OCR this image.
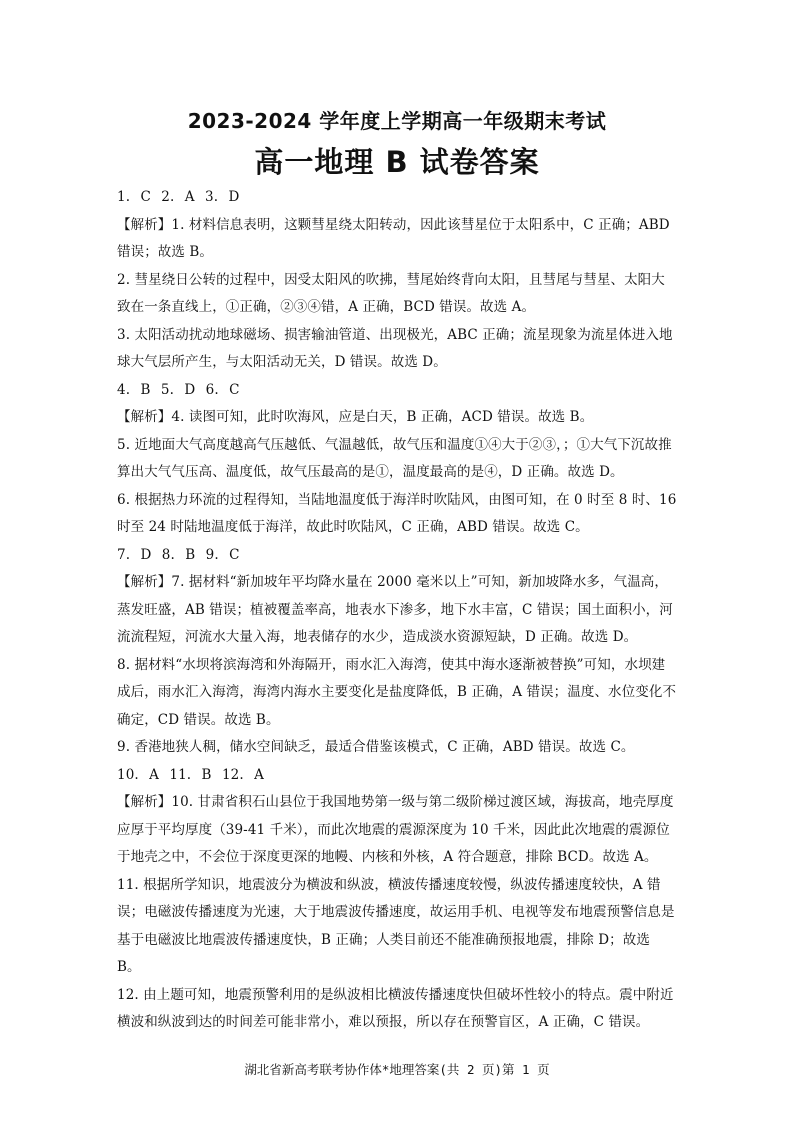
2023-2024 学年度上学期高一年级期末考试
高一地理 B 试卷答案

1. C 2. A 3. D

【解析】1. 材料信息表明，这颗彗星绕太阳转动，因此该彗星位于太阳系中，C 正确；ABD 错误；故选 B。

2. 彗星绕日公转的过程中，因受太阳风的吹拂，彗尾始终背向太阳，且彗尾与彗星、太阳大致在一条直线上，①正确，②③④错，A 正确，BCD 错误。故选 A。

3. 太阳活动扰动地球磁场、损害输油管道、出现极光，ABC 正确；流星现象为流星体进入地球大气层所产生，与太阳活动无关，D 错误。故选 D。

4. B 5. D 6. C

【解析】4. 读图可知，此时吹海风，应是白天，B 正确，ACD 错误。故选 B。

5. 近地面大气高度越高气压越低、气温越低，故气压和温度①④大于②③，；①大气下沉故推算出大气气压高、温度低，故气压最高的是①，温度最高的是④，D 正确。故选 D。

6. 根据热力环流的过程得知，当陆地温度低于海洋时吹陆风，由图可知，在 0 时至 8 时、16 时至 24 时陆地温度低于海洋，故此时吹陆风，C 正确，ABD 错误。故选 C。

7. D 8. B 9. C

【解析】7. 据材料“新加坡年平均降水量在 2000 毫米以上”可知，新加坡降水多，气温高，蒸发旺盛，AB 错误；植被覆盖率高，地表水下渗多，地下水丰富，C 错误；国土面积小，河流流程短，河流水大量入海，地表储存的水少，造成淡水资源短缺，D 正确。故选 D。

8. 据材料“水坝将滨海湾和外海隔开，雨水汇入海湾，使其中海水逐渐被替换”可知，水坝建成后，雨水汇入海湾，海湾内海水主要变化是盐度降低，B 正确，A 错误；温度、水位变化不确定，CD 错误。故选 B。

9. 香港地狭人稠，储水空间缺乏，最适合借鉴该模式，C 正确，ABD 错误。故选 C。

10. A 11. B 12. A

【解析】10. 甘肃省积石山县位于我国地势第一级与第二级阶梯过渡区域，海拔高，地壳厚度应厚于平均厚度（39-41 千米），而此次地震的震源深度为 10 千米，因此此次地震的震源位于地壳之中，不会位于深度更深的地幔、内核和外核，A 符合题意，排除 BCD。故选 A。

11. 根据所学知识，地震波分为横波和纵波，横波传播速度较慢，纵波传播速度较快，A 错误；电磁波传播速度为光速，大于地震波传播速度，故运用手机、电视等发布地震预警信息是基于电磁波比地震波传播速度快，B 正确；人类目前还不能准确预报地震，排除 D；故选 B。

12. 由上题可知，地震预警利用的是纵波相比横波传播速度快但破坏性较小的特点。震中附近横波和纵波到达的时间差可能非常小，难以预报，所以存在预警盲区，A 正确，C 错误。

湖北省新高考联考协作体*地理答案(共 2 页)第 1 页
